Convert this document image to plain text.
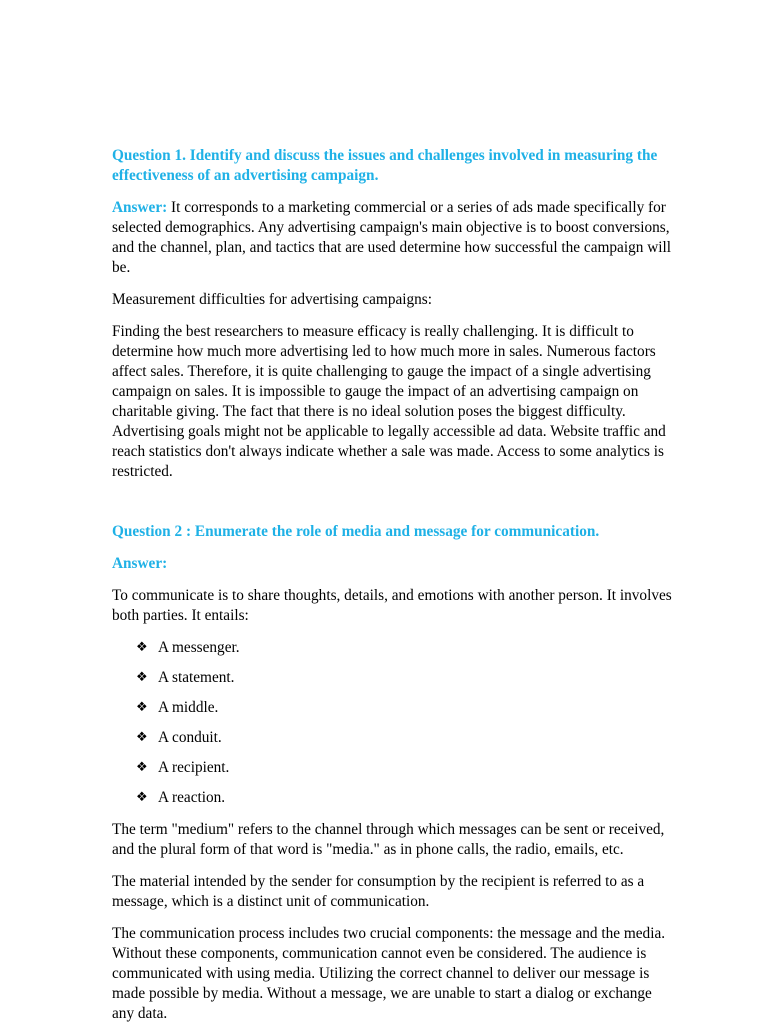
Question 1. Identify and discuss the issues and challenges involved in measuring the effectiveness of an advertising campaign.

Answer: It corresponds to a marketing commercial or a series of ads made specifically for selected demographics. Any advertising campaign's main objective is to boost conversions, and the channel, plan, and tactics that are used determine how successful the campaign will be.

Measurement difficulties for advertising campaigns:

Finding the best researchers to measure efficacy is really challenging. It is difficult to determine how much more advertising led to how much more in sales. Numerous factors affect sales. Therefore, it is quite challenging to gauge the impact of a single advertising campaign on sales. It is impossible to gauge the impact of an advertising campaign on charitable giving. The fact that there is no ideal solution poses the biggest difficulty. Advertising goals might not be applicable to legally accessible ad data. Website traffic and reach statistics don't always indicate whether a sale was made. Access to some analytics is restricted.

Question 2 : Enumerate the role of media and message for communication.

Answer:

To communicate is to share thoughts, details, and emotions with another person. It involves both parties. It entails:

❖ A messenger.
❖ A statement.
❖ A middle.
❖ A conduit.
❖ A recipient.
❖ A reaction.

The term "medium" refers to the channel through which messages can be sent or received, and the plural form of that word is "media." as in phone calls, the radio, emails, etc.

The material intended by the sender for consumption by the recipient is referred to as a message, which is a distinct unit of communication.

The communication process includes two crucial components: the message and the media. Without these components, communication cannot even be considered. The audience is communicated with using media. Utilizing the correct channel to deliver our message is made possible by media. Without a message, we are unable to start a dialog or exchange any data.
